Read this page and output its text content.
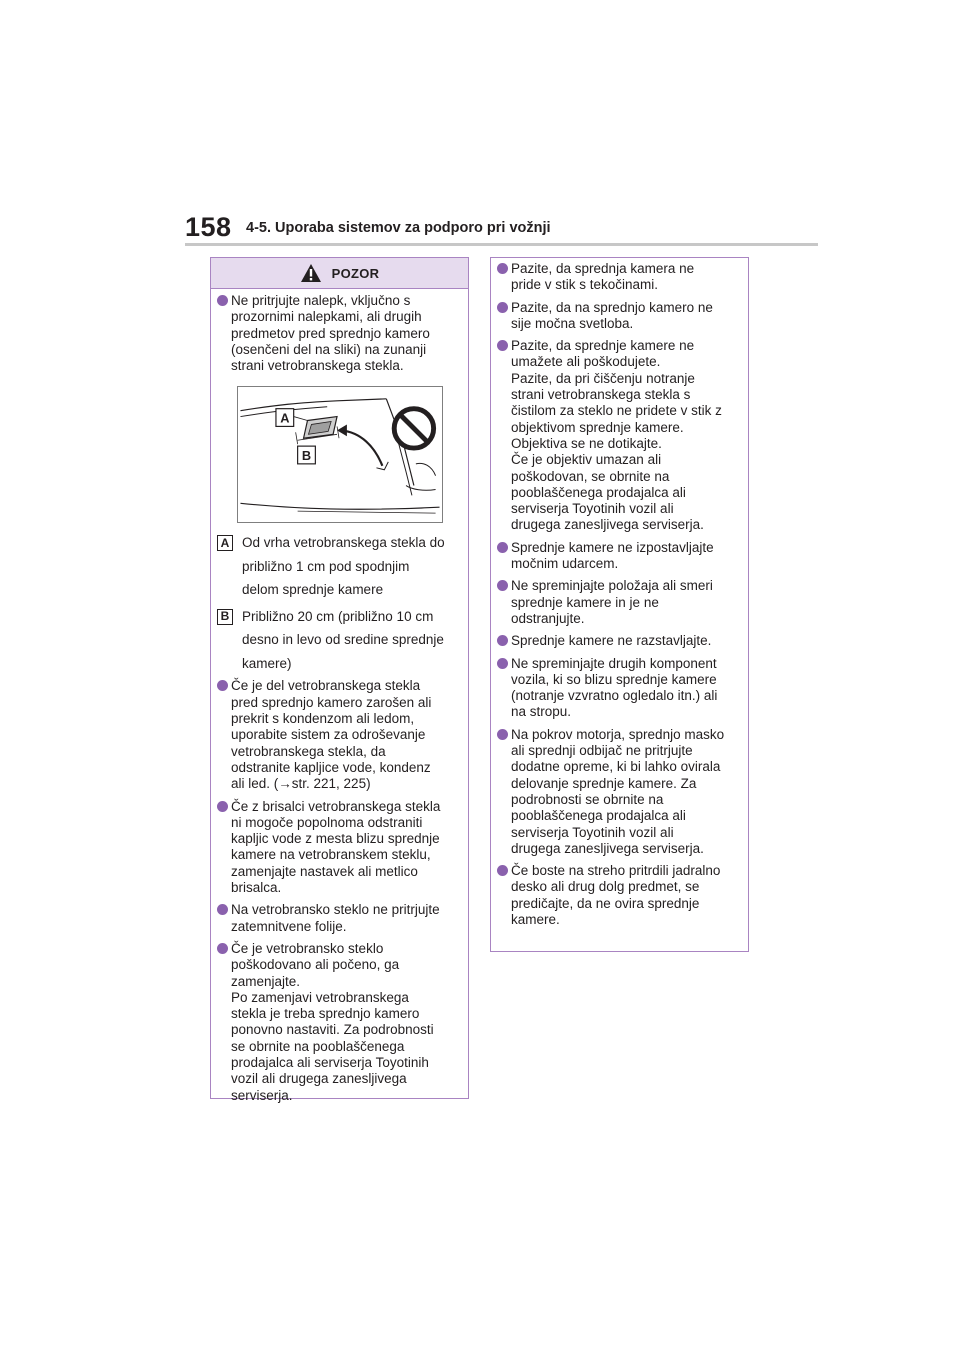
158 4-5. Uporaba sistemov za podporo pri vožnji
POZOR
Ne pritrjujte nalepk, vključno s
prozornimi nalepkami, ali drugih
predmetov pred sprednjo kamero
(osenčeni del na sliki) na zunanji
strani vetrobranskega stekla.
A
B
A Od vrha vetrobranskega stekla do
približno 1 cm pod spodnjim
delom sprednje kamere
B Približno 20 cm (približno 10 cm
desno in levo od sredine sprednje
kamere)
Če je del vetrobranskega stekla
pred sprednjo kamero zarošen ali
prekrit s kondenzom ali ledom,
uporabite sistem za odroševanje
vetrobranskega stekla, da
odstranite kapljice vode, kondenz
ali led. (→str. 221, 225)
Če z brisalci vetrobranskega stekla
ni mogoče popolnoma odstraniti
kapljic vode z mesta blizu sprednje
kamere na vetrobranskem steklu,
zamenjajte nastavek ali metlico
brisalca.
Na vetrobransko steklo ne pritrjujte
zatemnitvene folije.
Če je vetrobransko steklo
poškodovano ali počeno, ga
zamenjajte.
Po zamenjavi vetrobranskega
stekla je treba sprednjo kamero
ponovno nastaviti. Za podrobnosti
se obrnite na pooblaščenega
prodajalca ali serviserja Toyotinih
vozil ali drugega zanesljivega
serviserja.
Pazite, da sprednja kamera ne
pride v stik s tekočinami.
Pazite, da na sprednjo kamero ne
sije močna svetloba.
Pazite, da sprednje kamere ne
umažete ali poškodujete.
Pazite, da pri čiščenju notranje
strani vetrobranskega stekla s
čistilom za steklo ne pridete v stik z
objektivom sprednje kamere.
Objektiva se ne dotikajte.
Če je objektiv umazan ali
poškodovan, se obrnite na
pooblaščenega prodajalca ali
serviserja Toyotinih vozil ali
drugega zanesljivega serviserja.
Sprednje kamere ne izpostavljajte
močnim udarcem.
Ne spreminjajte položaja ali smeri
sprednje kamere in je ne
odstranjujte.
Sprednje kamere ne razstavljajte.
Ne spreminjajte drugih komponent
vozila, ki so blizu sprednje kamere
(notranje vzvratno ogledalo itn.) ali
na stropu.
Na pokrov motorja, sprednjo masko
ali sprednji odbijač ne pritrjujte
dodatne opreme, ki bi lahko ovirala
delovanje sprednje kamere. Za
podrobnosti se obrnite na
pooblaščenega prodajalca ali
serviserja Toyotinih vozil ali
drugega zanesljivega serviserja.
Če boste na streho pritrdili jadralno
desko ali drug dolg predmet, se
predičajte, da ne ovira sprednje
kamere.
